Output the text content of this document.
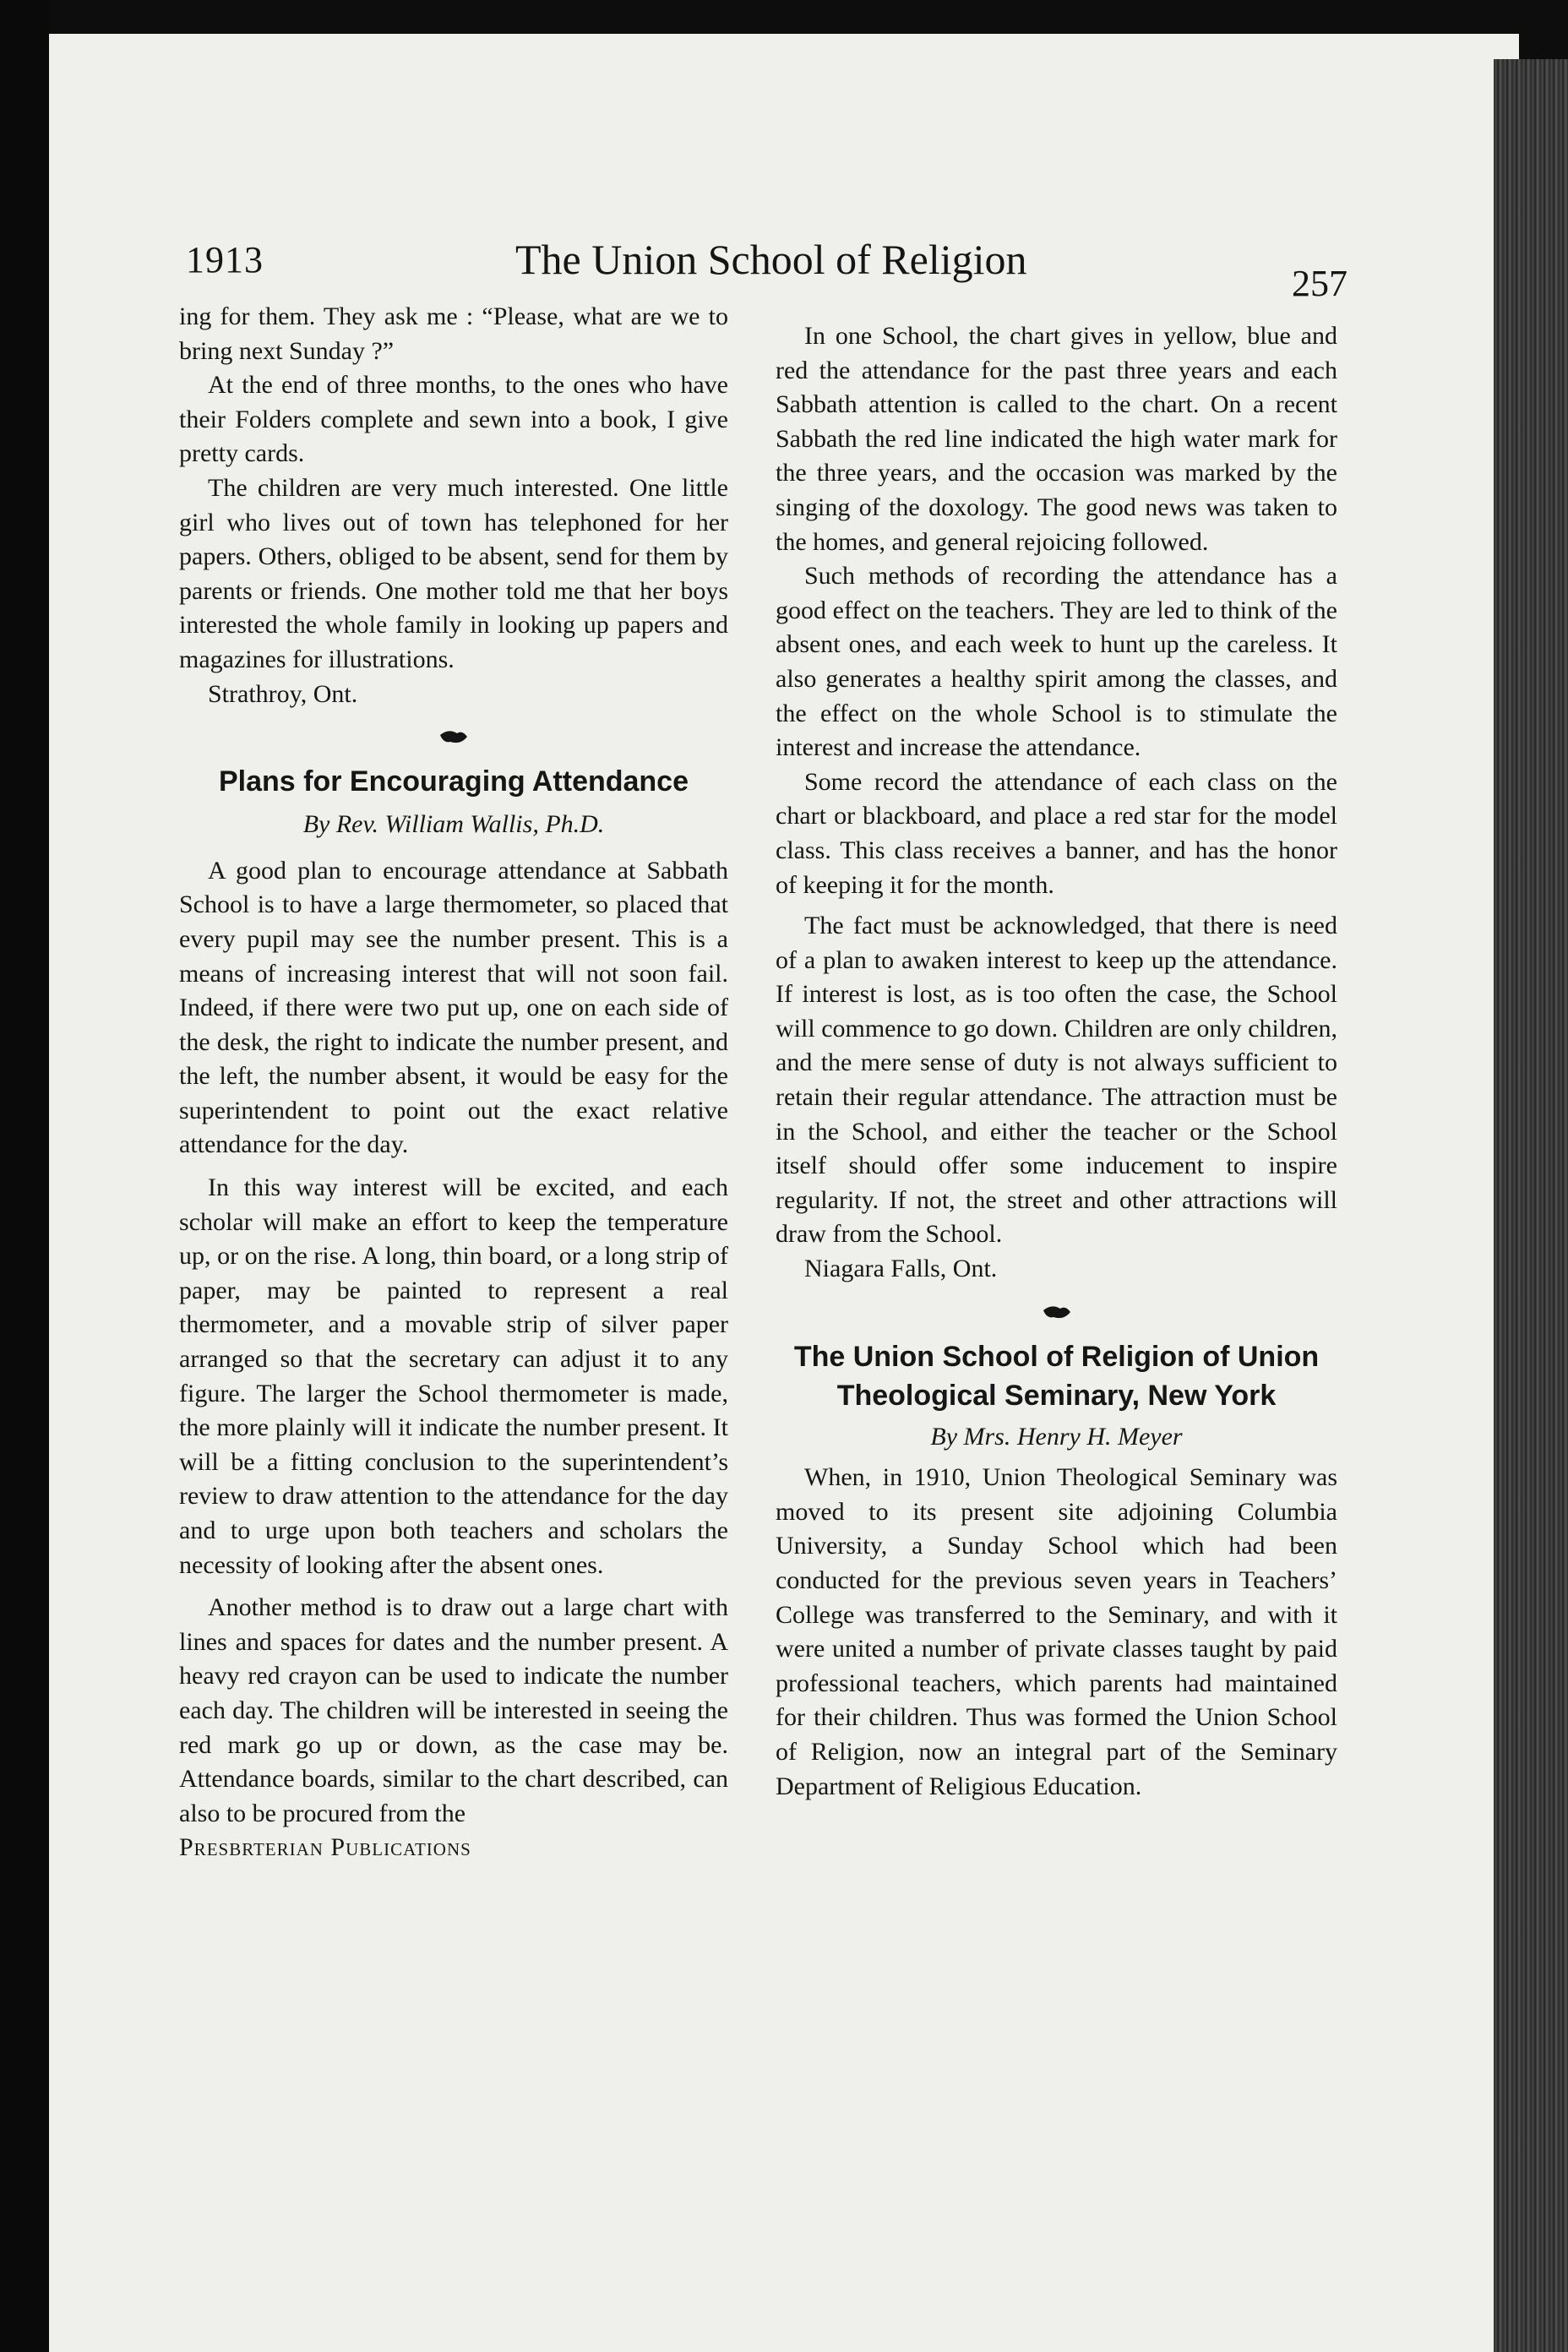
1913	The Union School of Religion
257

ing for them. They ask me : “Please, what are we to bring next Sunday ?”

At the end of three months, to the ones who have their Folders complete and sewn into a book, I give pretty cards.

The children are very much interested. One little girl who lives out of town has telephoned for her papers. Others, obliged to be absent, send for them by parents or friends. One mother told me that her boys interested the whole family in looking up papers and magazines for illustrations.

Strathroy, Ont.

Plans for Encouraging Attendance

By Rev. William Wallis, Ph.D.

A good plan to encourage attendance at Sabbath School is to have a large thermometer, so placed that every pupil may see the number present. This is a means of increasing interest that will not soon fail. Indeed, if there were two put up, one on each side of the desk, the right to indicate the number present, and the left, the number absent, it would be easy for the superintendent to point out the exact relative attendance for the day.

In this way interest will be excited, and each scholar will make an effort to keep the temperature up, or on the rise. A long, thin board, or a long strip of paper, may be painted to represent a real thermometer, and a movable strip of silver paper arranged so that the secretary can adjust it to any figure. The larger the School thermometer is made, the more plainly will it indicate the number present. It will be a fitting conclusion to the superintendent’s review to draw attention to the attendance for the day and to urge upon both teachers and scholars the necessity of looking after the absent ones.

Another method is to draw out a large chart with lines and spaces for dates and the number present. A heavy red crayon can be used to indicate the number each day. The children will be interested in seeing the red mark go up or down, as the case may be. Attendance boards, similar to the chart described, can also to be procured from the

Presbrterian Publications

In one School, the chart gives in yellow, blue and red the attendance for the past three years and each Sabbath attention is called to the chart. On a recent Sabbath the red line indicated the high water mark for the three years, and the occasion was marked by the singing of the doxology. The good news was taken to the homes, and general rejoicing followed.

Such methods of recording the attendance has a good effect on the teachers. They are led to think of the absent ones, and each week to hunt up the careless. It also generates a healthy spirit among the classes, and the effect on the whole School is to stimulate the interest and increase the attendance.

Some record the attendance of each class on the chart or blackboard, and place a red star for the model class. This class receives a banner, and has the honor of keeping it for the month.

The fact must be acknowledged, that there is need of a plan to awaken interest to keep up the attendance. If interest is lost, as is too often the case, the School will commence to go down. Children are only children, and the mere sense of duty is not always sufficient to retain their regular attendance. The attraction must be in the School, and either the teacher or the School itself should offer some inducement to inspire regularity. If not, the street and other attractions will draw from the School.

Niagara Falls, Ont.

The Union School of Religion of Union

Theological Seminary, New York

By Mrs. Henry H. Meyer

When, in 1910, Union Theological Seminary was moved to its present site adjoining Columbia University, a Sunday School which had been conducted for the previous seven years in Teachers’ College was transferred to the Seminary, and with it were united a number of private classes taught by paid professional teachers, which parents had maintained for their children. Thus was formed the Union School of Religion, now an integral part of the Seminary Department of Religious Education.
